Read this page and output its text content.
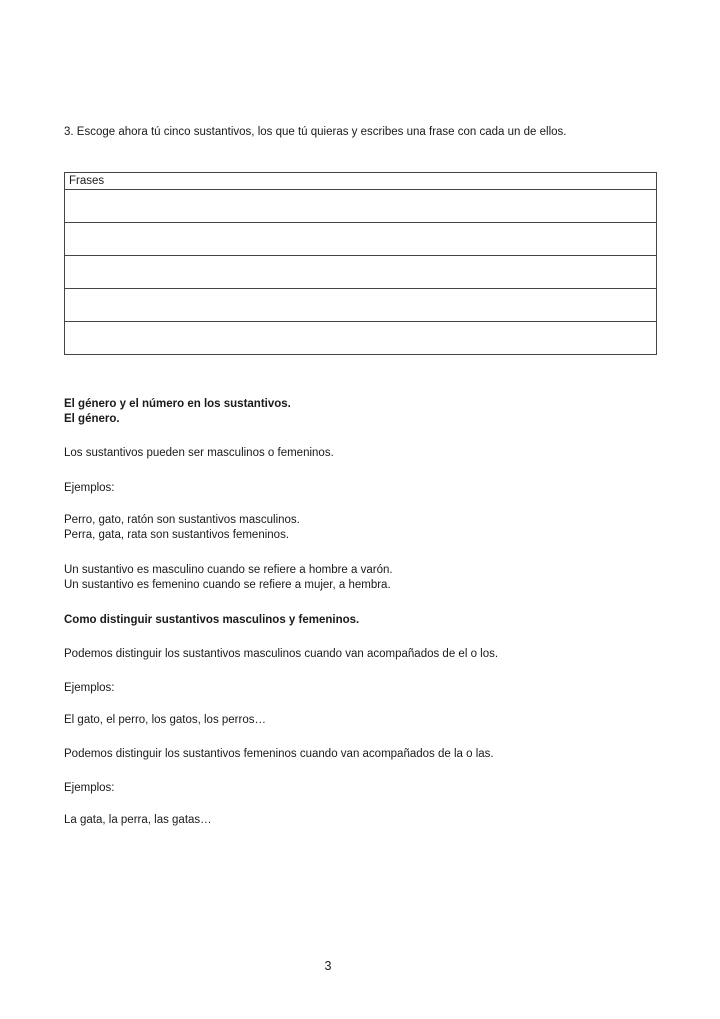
3. Escoge ahora tú cinco sustantivos, los que tú quieras y escribes una frase con cada un de ellos.
Frases

El género y el número en los sustantivos.
El género.
Los sustantivos pueden ser masculinos o femeninos.
Ejemplos:
Perro, gato, ratón son sustantivos masculinos.
Perra, gata, rata son sustantivos femeninos.
Un sustantivo es masculino cuando se refiere a hombre a varón.
Un sustantivo es femenino cuando se refiere a mujer, a hembra.
Como distinguir sustantivos masculinos y femeninos.
Podemos distinguir los sustantivos masculinos cuando van acompañados de el o los.
Ejemplos:
El gato, el perro, los gatos, los perros…
Podemos distinguir los sustantivos femeninos cuando van acompañados de la o las.
Ejemplos:
La gata, la perra, las gatas…
3
